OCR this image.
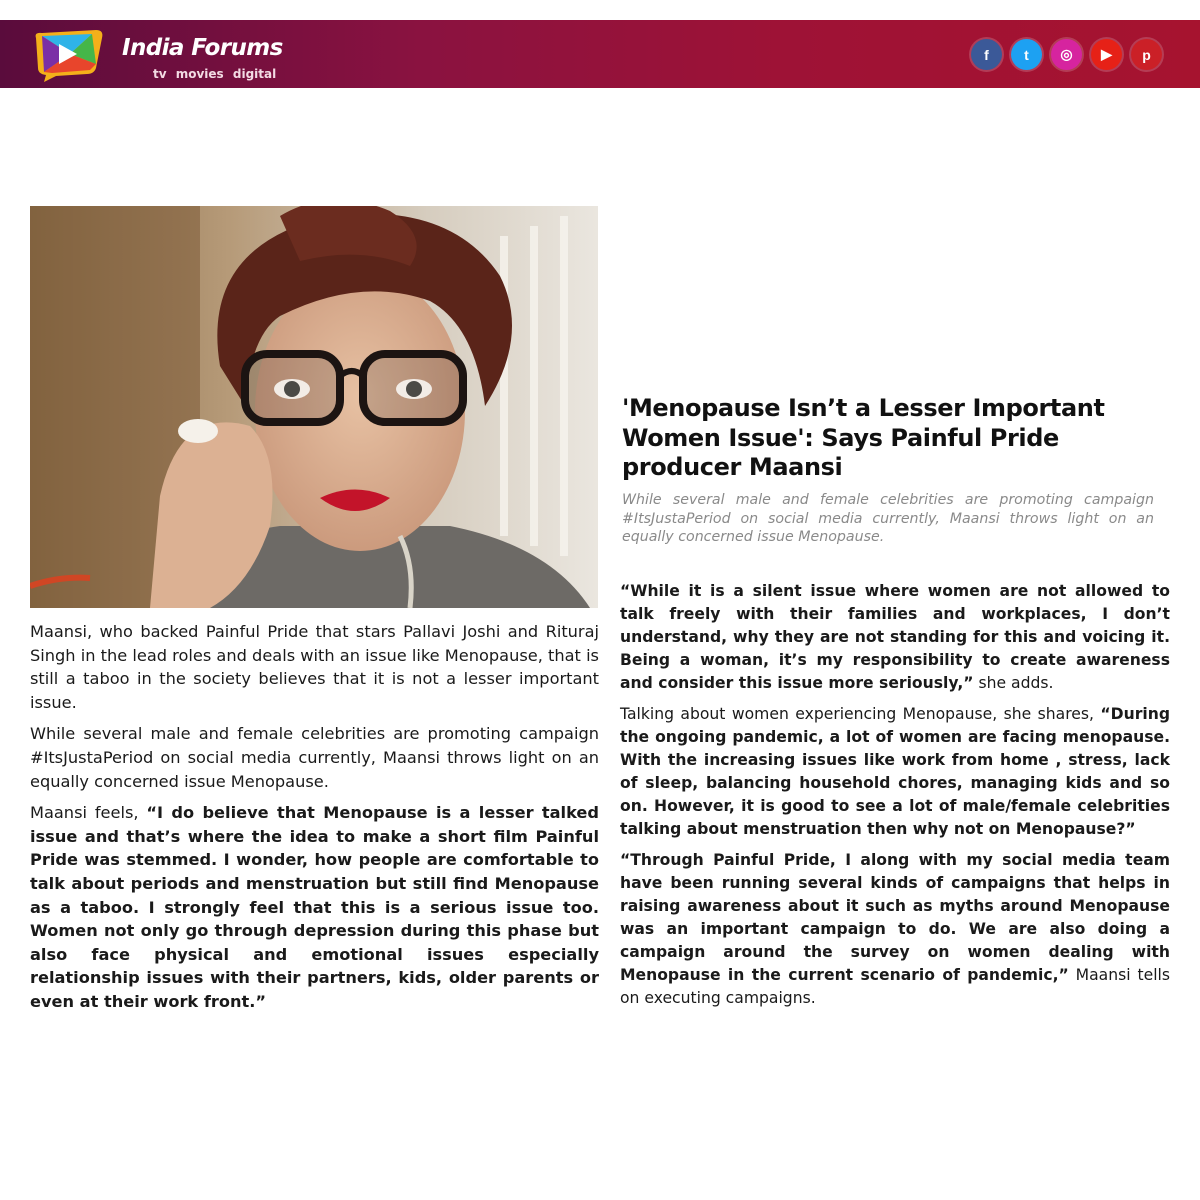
India Forums
tv movies digital
f	t	◎	▶	p

Maansi, who backed Painful Pride that stars Pallavi Joshi and Rituraj Singh in the lead roles and deals with an issue like Menopause, that is still a taboo in the society believes that it is not a lesser important issue.

While several male and female celebrities are promoting campaign #ItsJustaPeriod on social media currently, Maansi throws light on an equally concerned issue Menopause.

Maansi feels, “I do believe that Menopause is a lesser talked issue and that’s where the idea to make a short film Painful Pride was stemmed. I wonder, how people are comfortable to talk about periods and menstruation but still find Menopause as a taboo. I strongly feel that this is a serious issue too. Women not only go through depression during this phase but also face physical and emotional issues especially relationship issues with their partners, kids, older parents or even at their work front.”

'Menopause Isn’t a Lesser Important Women Issue': Says Painful Pride producer Maansi
While several male and female celebrities are promoting campaign #ItsJustaPeriod on social media currently, Maansi throws light on an equally concerned issue Menopause.

“While it is a silent issue where women are not allowed to talk freely with their families and workplaces, I don’t understand, why they are not standing for this and voicing it. Being a woman, it’s my responsibility to create awareness and consider this issue more seriously,” she adds.

Talking about women experiencing Menopause, she shares, “During the ongoing pandemic, a lot of women are facing menopause. With the increasing issues like work from home , stress, lack of sleep, balancing household chores, managing kids and so on. However, it is good to see a lot of male/female celebrities talking about menstruation then why not on Menopause?”

“Through Painful Pride, I along with my social media team have been running several kinds of campaigns that helps in raising awareness about it such as myths around Menopause was an important campaign to do. We are also doing a campaign around the survey on women dealing with Menopause in the current scenario of pandemic,” Maansi tells on executing campaigns.
